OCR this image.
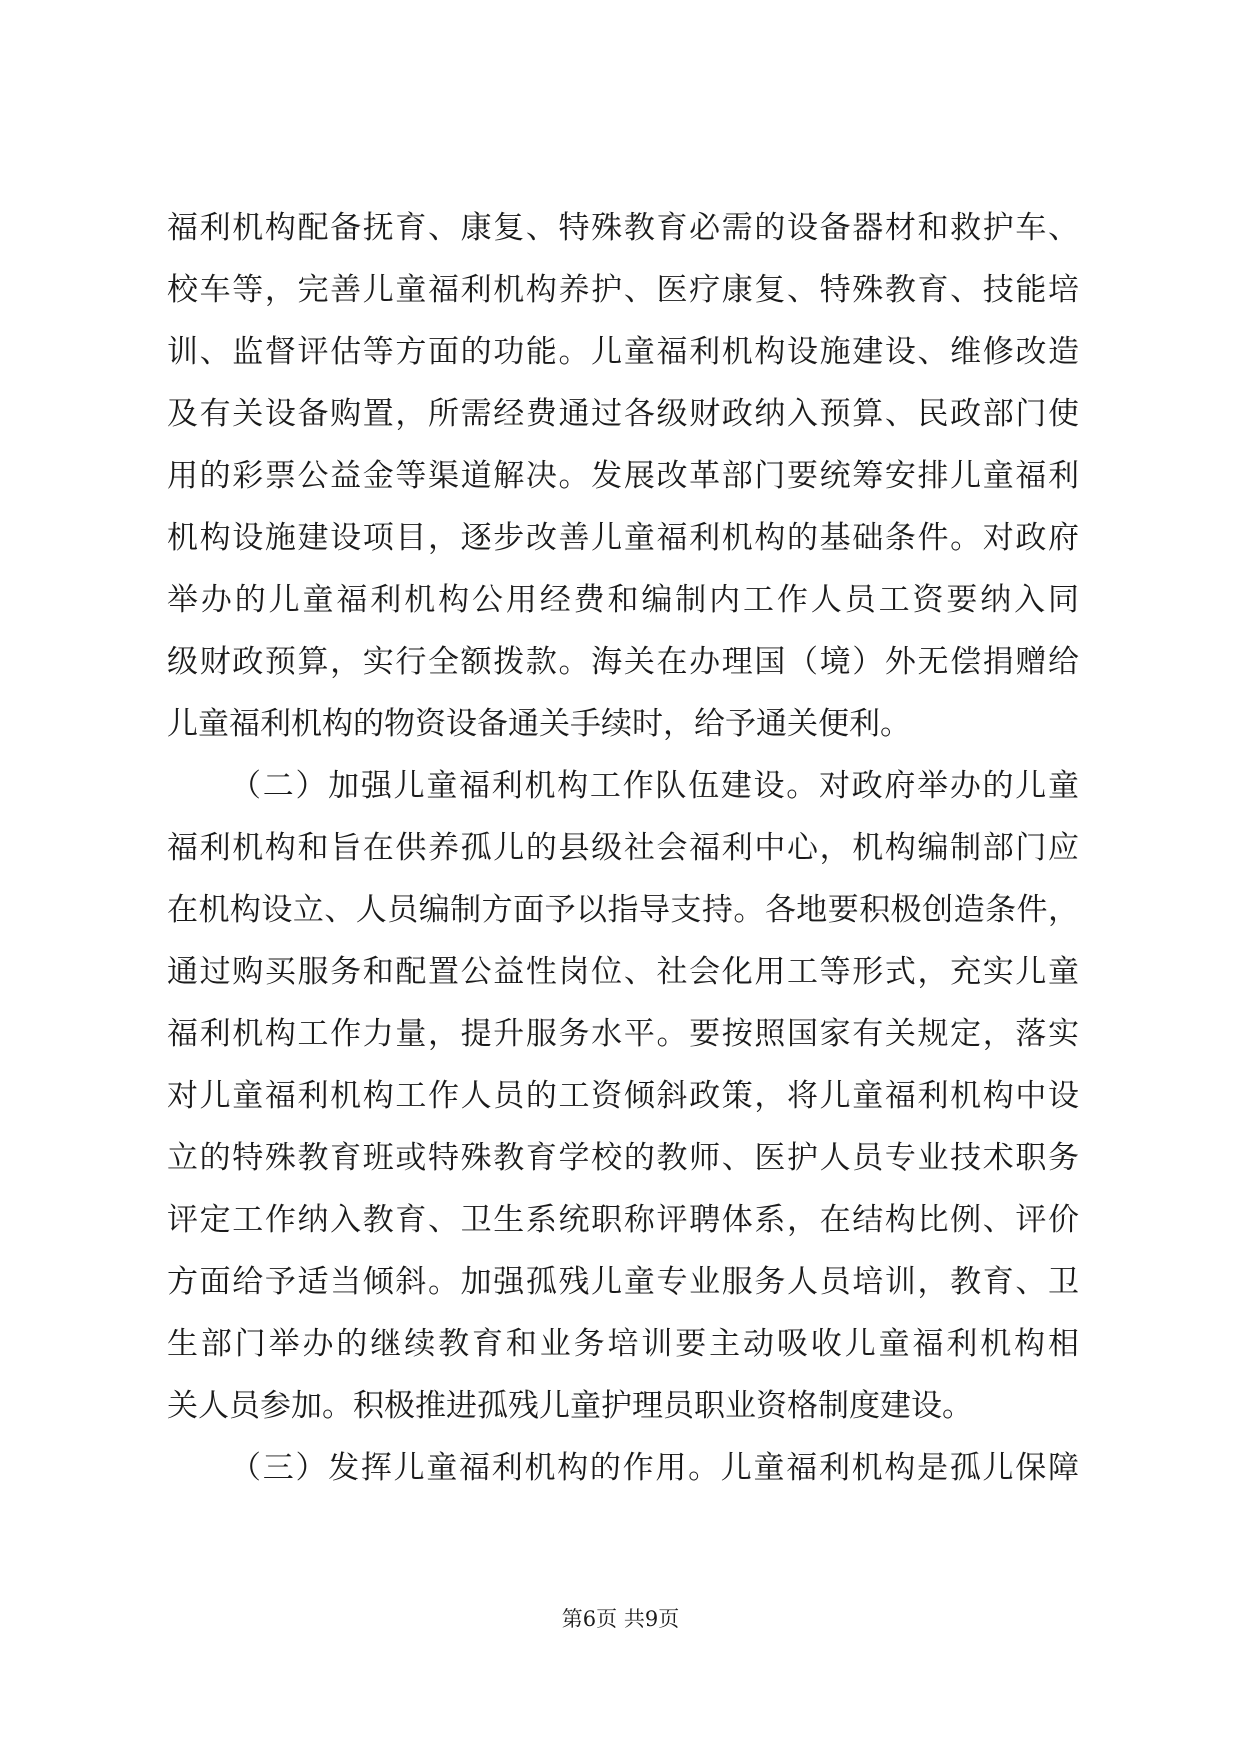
福利机构配备抚育、康复、特殊教育必需的设备器材和救护车、
校车等，完善儿童福利机构养护、医疗康复、特殊教育、技能培
训、监督评估等方面的功能。儿童福利机构设施建设、维修改造
及有关设备购置，所需经费通过各级财政纳入预算、民政部门使
用的彩票公益金等渠道解决。发展改革部门要统筹安排儿童福利
机构设施建设项目，逐步改善儿童福利机构的基础条件。对政府
举办的儿童福利机构公用经费和编制内工作人员工资要纳入同
级财政预算，实行全额拨款。海关在办理国（境）外无偿捐赠给
儿童福利机构的物资设备通关手续时，给予通关便利。
（二）加强儿童福利机构工作队伍建设。对政府举办的儿童
福利机构和旨在供养孤儿的县级社会福利中心，机构编制部门应
在机构设立、人员编制方面予以指导支持。各地要积极创造条件，
通过购买服务和配置公益性岗位、社会化用工等形式，充实儿童
福利机构工作力量，提升服务水平。要按照国家有关规定，落实
对儿童福利机构工作人员的工资倾斜政策，将儿童福利机构中设
立的特殊教育班或特殊教育学校的教师、医护人员专业技术职务
评定工作纳入教育、卫生系统职称评聘体系，在结构比例、评价
方面给予适当倾斜。加强孤残儿童专业服务人员培训，教育、卫
生部门举办的继续教育和业务培训要主动吸收儿童福利机构相
关人员参加。积极推进孤残儿童护理员职业资格制度建设。
（三）发挥儿童福利机构的作用。儿童福利机构是孤儿保障
第6页 共9页
